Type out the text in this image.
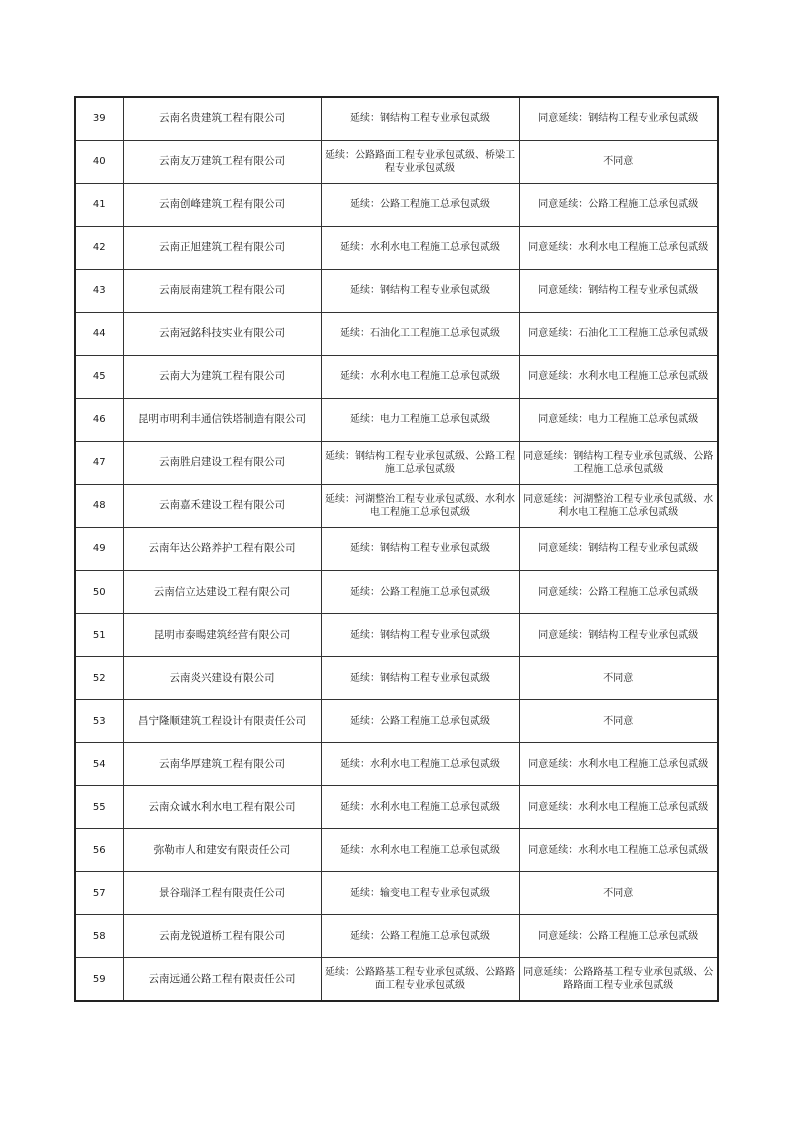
39	云南名贵建筑工程有限公司	延续：钢结构工程专业承包贰级	同意延续：钢结构工程专业承包贰级
40	云南友万建筑工程有限公司	延续：公路路面工程专业承包贰级、桥梁工程专业承包贰级	不同意
41	云南创峰建筑工程有限公司	延续：公路工程施工总承包贰级	同意延续：公路工程施工总承包贰级
42	云南正旭建筑工程有限公司	延续：水利水电工程施工总承包贰级	同意延续：水利水电工程施工总承包贰级
43	云南辰南建筑工程有限公司	延续：钢结构工程专业承包贰级	同意延续：钢结构工程专业承包贰级
44	云南冠銘科技实业有限公司	延续：石油化工工程施工总承包贰级	同意延续：石油化工工程施工总承包贰级
45	云南大为建筑工程有限公司	延续：水利水电工程施工总承包贰级	同意延续：水利水电工程施工总承包贰级
46	昆明市明利丰通信铁塔制造有限公司	延续：电力工程施工总承包贰级	同意延续：电力工程施工总承包贰级
47	云南胜启建设工程有限公司	延续：钢结构工程专业承包贰级、公路工程施工总承包贰级	同意延续：钢结构工程专业承包贰级、公路工程施工总承包贰级
48	云南嘉禾建设工程有限公司	延续：河湖整治工程专业承包贰级、水利水电工程施工总承包贰级	同意延续：河湖整治工程专业承包贰级、水利水电工程施工总承包贰级
49	云南年达公路养护工程有限公司	延续：钢结构工程专业承包贰级	同意延续：钢结构工程专业承包贰级
50	云南信立达建设工程有限公司	延续：公路工程施工总承包贰级	同意延续：公路工程施工总承包贰级
51	昆明市泰暘建筑经营有限公司	延续：钢结构工程专业承包贰级	同意延续：钢结构工程专业承包贰级
52	云南炎兴建设有限公司	延续：钢结构工程专业承包贰级	不同意
53	昌宁隆顺建筑工程设计有限责任公司	延续：公路工程施工总承包贰级	不同意
54	云南华厚建筑工程有限公司	延续：水利水电工程施工总承包贰级	同意延续：水利水电工程施工总承包贰级
55	云南众诚水利水电工程有限公司	延续：水利水电工程施工总承包贰级	同意延续：水利水电工程施工总承包贰级
56	弥勒市人和建安有限责任公司	延续：水利水电工程施工总承包贰级	同意延续：水利水电工程施工总承包贰级
57	景谷瑞泽工程有限责任公司	延续：输变电工程专业承包贰级	不同意
58	云南龙锐道桥工程有限公司	延续：公路工程施工总承包贰级	同意延续：公路工程施工总承包贰级
59	云南远通公路工程有限责任公司	延续：公路路基工程专业承包贰级、公路路面工程专业承包贰级	同意延续：公路路基工程专业承包贰级、公路路面工程专业承包贰级
